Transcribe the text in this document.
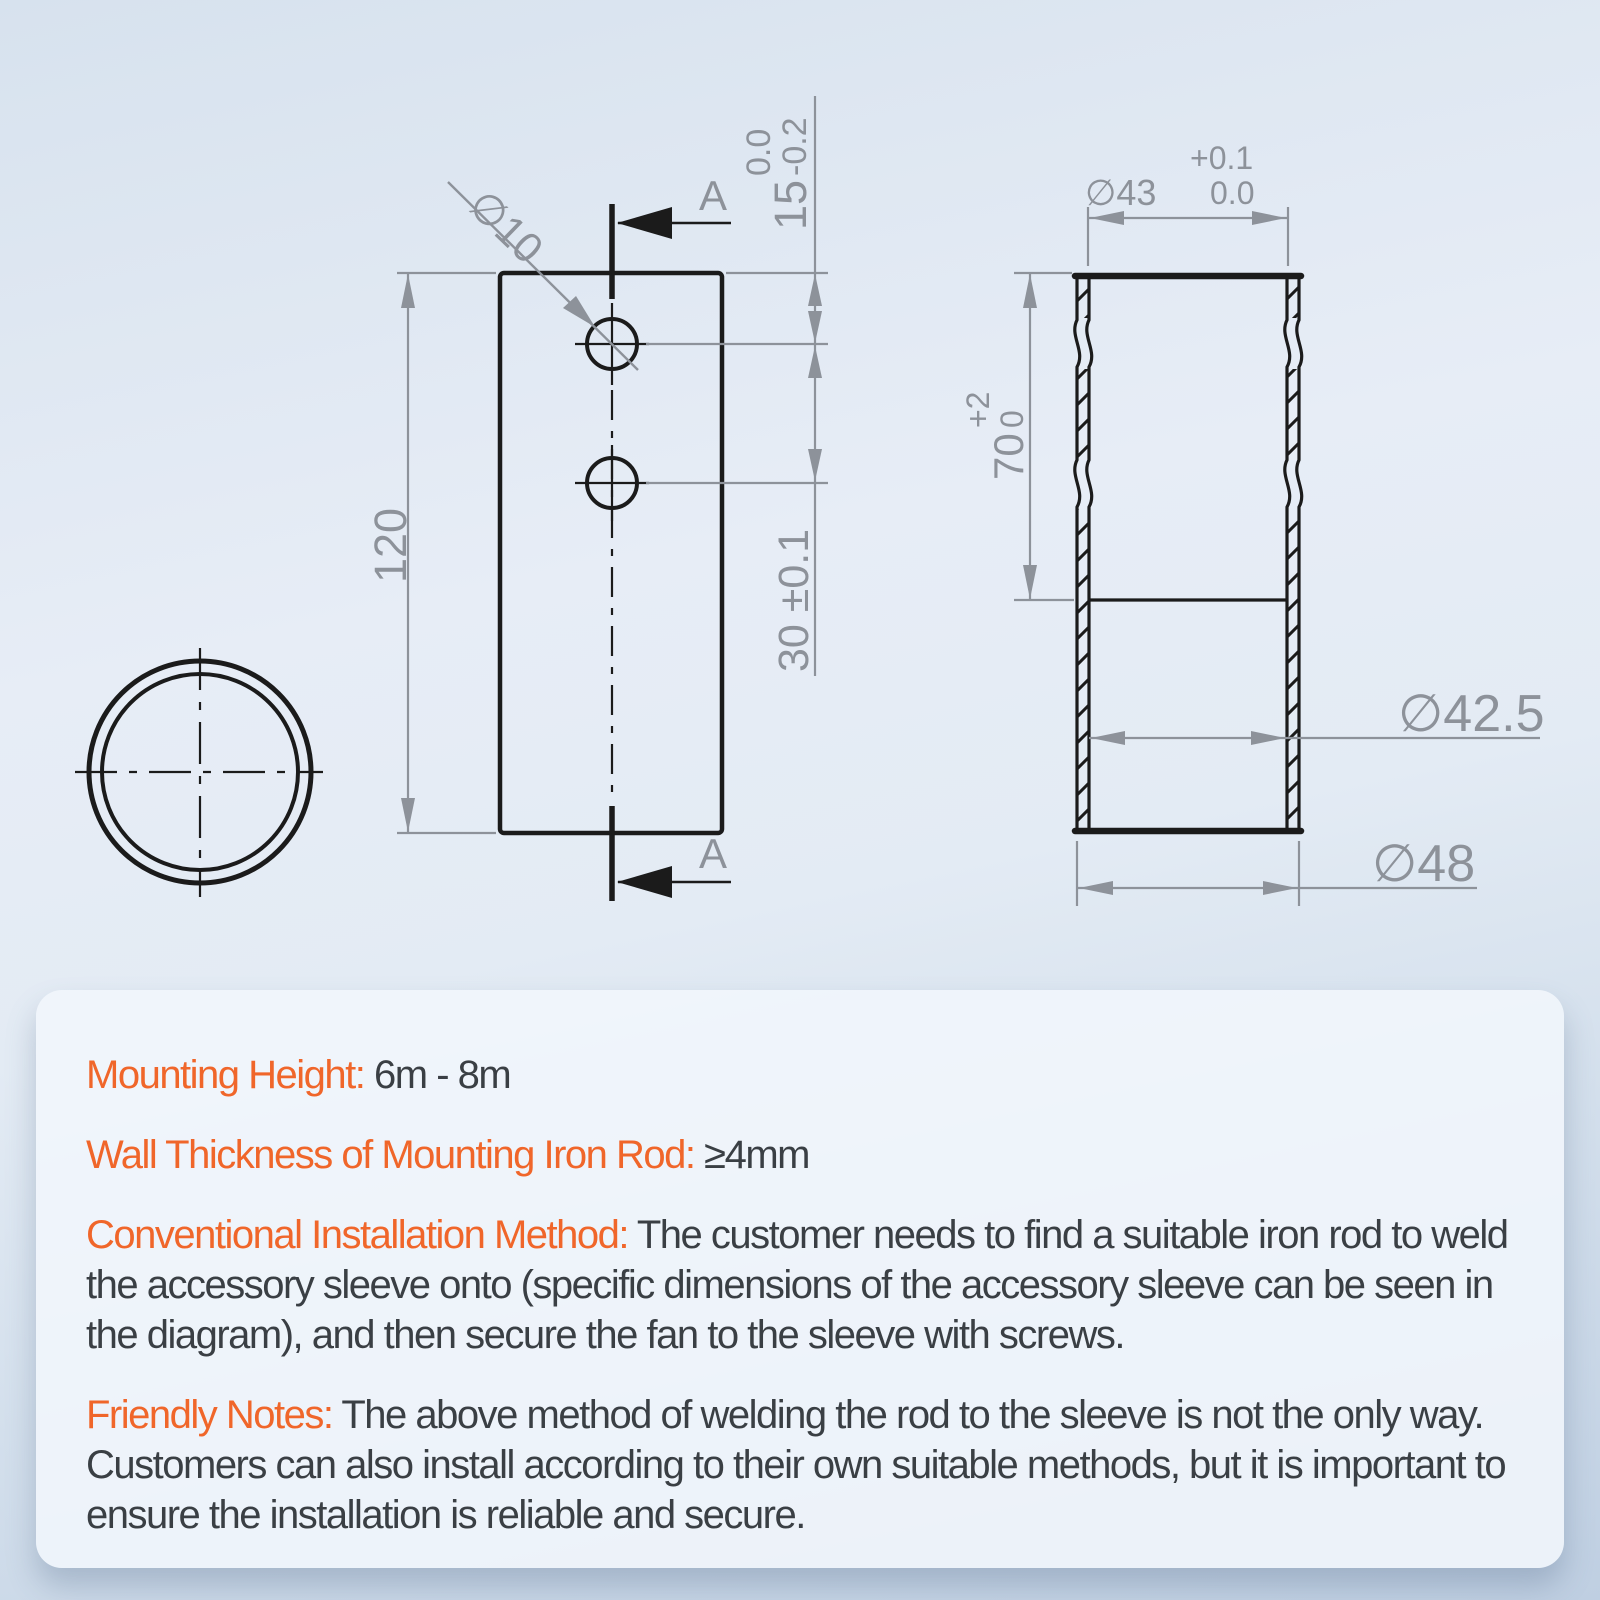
A
A
∅10
120
15
0.0
-0.2
30 ±0.1
∅43
+0.1
0.0
70
+2
0
∅42.5
∅48

Mounting Height: 6m - 8m

Wall Thickness of Mounting Iron Rod: ≥4mm

Conventional Installation Method: The customer needs to find a suitable iron rod to weld the accessory sleeve onto (specific dimensions of the accessory sleeve can be seen in the diagram), and then secure the fan to the sleeve with screws.

Friendly Notes: The above method of welding the rod to the sleeve is not the only way. Customers can also install according to their own suitable methods, but it is important to ensure the installation is reliable and secure.
